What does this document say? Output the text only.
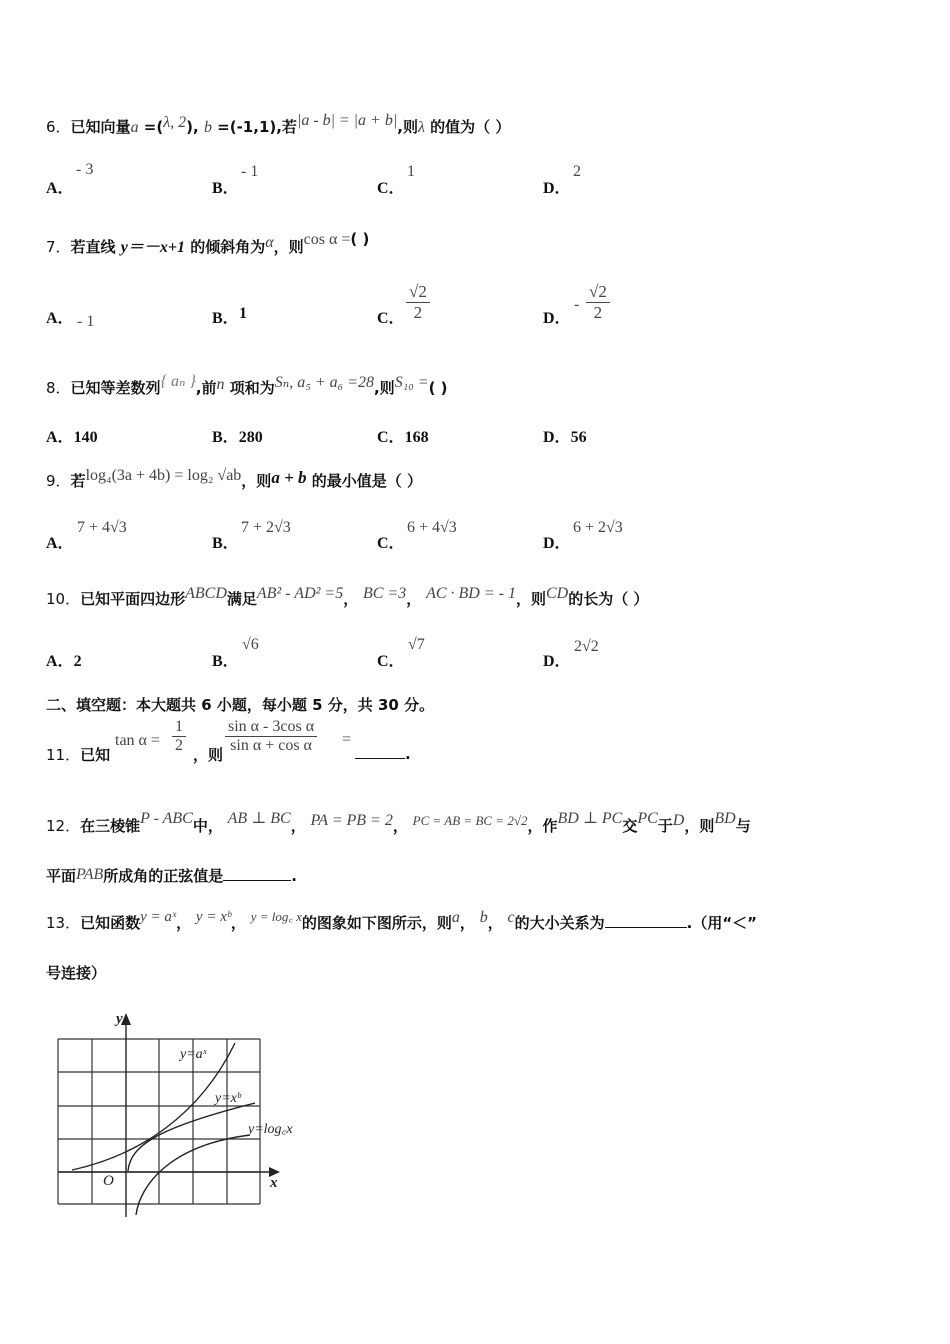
6．已知向量a =(λ, 2), b =(-1,1),若|a - b| = |a + b|,则λ 的值为（ ）
A．
- 3
B．
- 1
C．
1
D．
2
7．若直线 y＝－x+1 的倾斜角为α，则cos α =( )
A． - 1	B． 1	C． $\frac{√2}{2}$	D．
- $\frac{√2}{2}$
8．已知等差数列{ aₙ },前n 项和为Sₙ, a₅ + a₆ =28,则S₁₀ =( )
A．140	B．280	C．168	D．56
9．若log₄(3a + 4b) = log₂ √ab，则a + b 的最小值是（ ）
A．
7 + 4√3
B．
7 + 2√3
C．
6 + 4√3
D．
6 + 2√3
10．已知平面四边形ABCD满足AB² - AD² =5， BC =3， AC · BD = - 1，则CD的长为（ ）
A．2	B．
√6
C．
√7
D．
2√2
二、填空题：本大题共 6 小题，每小题 5 分，共 30 分。
11．已知
$\tan \alpha = \frac{1}{2}$ ，则 $\frac{\text{sin α - 3cos α}}{\text{sin α + cos α}}$ =
.
12．在三棱锥P - ABC中， AB ⊥ BC， PA = PB = 2， PC = AB = BC = 2√2，作BD ⊥ PC交PC于D，则BD与
平面PAB所成角的正弦值是	.
13．已知函数y = aˣ， y = xᵇ， y = log꜀ x的图象如下图所示，则a， b， c的大小关系为	.（用“＜”
号连接）
y
x
O
y=aˣ
y=xᵇ
y=log꜀x
